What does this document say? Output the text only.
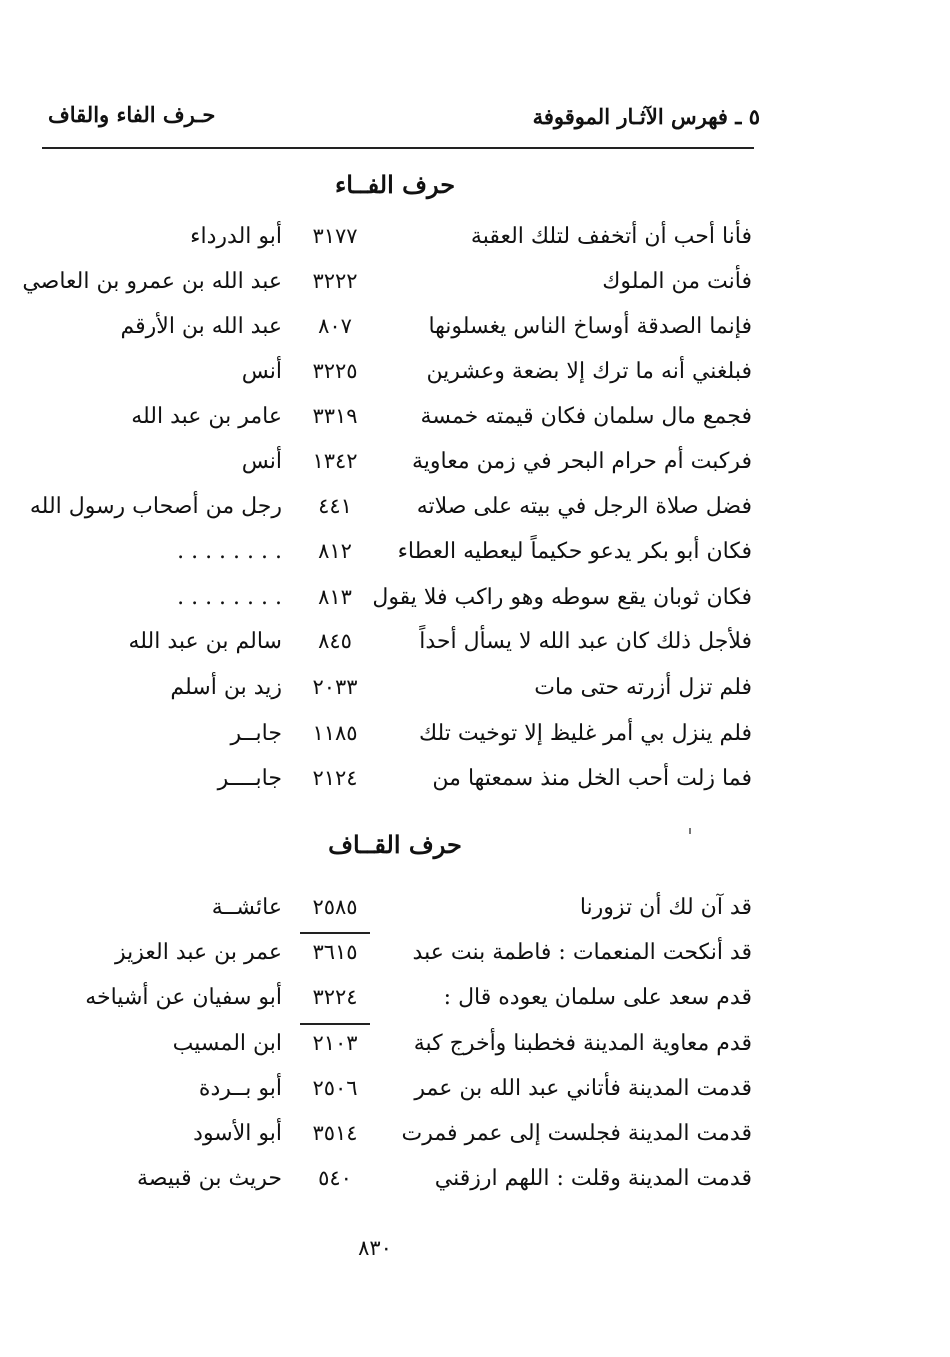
٥ ـ فهرس الآثـار الموقوفة
حـرف الفاء والقاف
حرف الفــاء
فأنا أحب أن أتخفف لتلك العقبة
٣١٧٧
أبو الدرداء
فأنت من الملوك
٣٢٢٢
عبد الله بن عمرو بن العاصي
فإنما الصدقة أوساخ الناس يغسلونها
٨٠٧
عبد الله بن الأرقم
فبلغني أنه ما ترك إلا بضعة وعشرين
٣٢٢٥
أنس
فجمع مال سلمان فكان قيمته خمسة
٣٣١٩
عامر بن عبد الله
فركبت أم حرام البحر في زمن معاوية
١٣٤٢
أنس
فضل صلاة الرجل في بيته على صلاته
٤٤١
رجل من أصحاب رسول الله
فكان أبو بكر يدعو حكيماً ليعطيه العطاء
٨١٢
. . . . . . . .
فكان ثوبان يقع سوطه وهو راكب فلا يقول
٨١٣
. . . . . . . .
فلأجل ذلك كان عبد الله لا يسأل أحداً
٨٤٥
سالم بن عبد الله
فلم تزل أزرته حتى مات
٢٠٣٣
زيد بن أسلم
فلم ينزل بي أمر غليظ إلا توخيت تلك
١١٨٥
جابــر
فما زلت أحب الخل منذ سمعتها من
٢١٢٤
جابــــر
حرف القــاف
قد آن لك أن تزورنا
٢٥٨٥
عائشــة
قد أنكحت المنعمات : فاطمة بنت عبد
٣٦١٥
عمر بن عبد العزيز
قدم سعد على سلمان يعوده قال :
٣٢٢٤
أبو سفيان عن أشياخه
قدم معاوية المدينة فخطبنا وأخرج كبة
٢١٠٣
ابن المسيب
قدمت المدينة فأتاني عبد الله بن عمر
٢٥٠٦
أبو بــردة
قدمت المدينة فجلست إلى عمر فمرت
٣٥١٤
أبو الأسود
قدمت المدينة وقلت : اللهم ارزقني
٥٤٠
حريث بن قبيصة
٨٣٠
